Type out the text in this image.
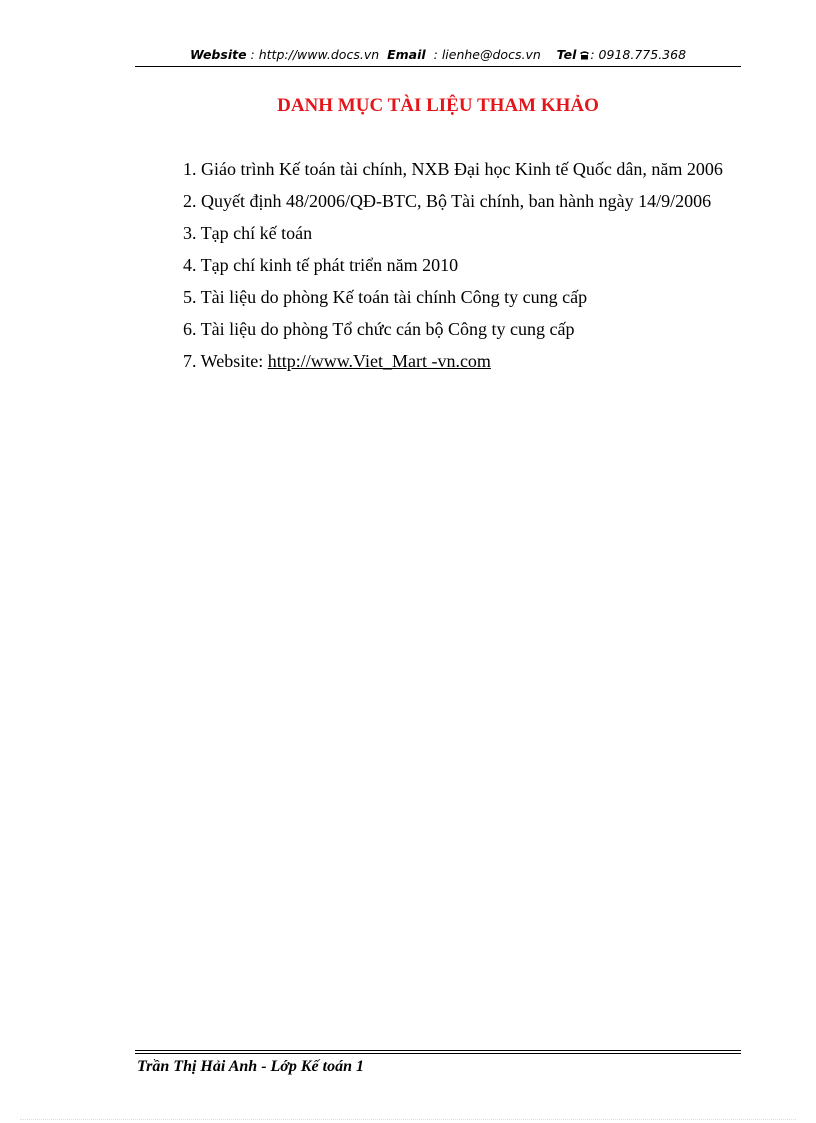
Website : http://www.docs.vn Email  : lienhe@docs.vn Tel : 0918.775.368
DANH MỤC TÀI LIỆU THAM KHẢO

1. Giáo trình Kế toán tài chính, NXB Đại học Kinh tế Quốc dân, năm 2006

2. Quyết định 48/2006/QĐ-BTC, Bộ Tài chính, ban hành ngày 14/9/2006

3. Tạp chí kế toán

4. Tạp chí kinh tế phát triển năm 2010

5. Tài liệu do phòng Kế toán tài chính Công ty cung cấp

6. Tài liệu do phòng Tổ chức cán bộ Công ty cung cấp

7. Website: http://www.Viet_Mart -vn.com

Trần Thị Hải Anh - Lớp Kế toán 1
